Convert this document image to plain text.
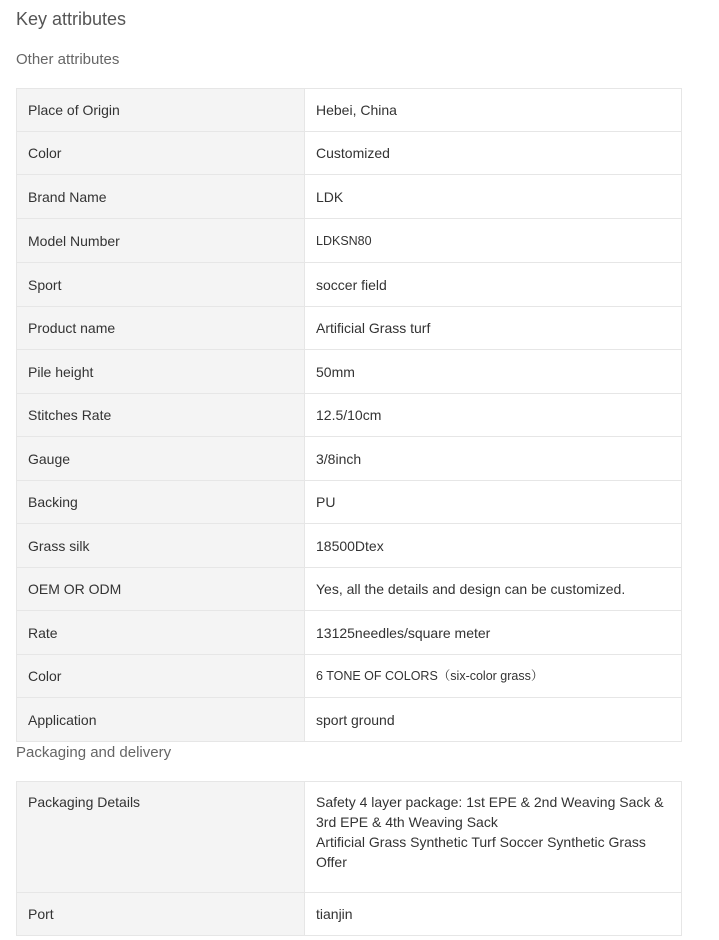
Key attributes
Other attributes
Place of Origin	Hebei, China
Color	Customized
Brand Name	LDK
Model Number	LDKSN80
Sport	soccer field
Product name	Artificial Grass turf
Pile height	50mm
Stitches Rate	12.5/10cm
Gauge	3/8inch
Backing	PU
Grass silk	18500Dtex
OEM OR ODM	Yes, all the details and design can be customized.
Rate	13125needles/square meter
Color	6 TONE OF COLORS（six-color grass）
Application	sport ground
Packaging and delivery
Packaging Details	Safety 4 layer package: 1st EPE & 2nd Weaving Sack & 3rd EPE & 4th Weaving Sack
Artificial Grass Synthetic Turf Soccer Synthetic Grass Offer

Port	tianjin
